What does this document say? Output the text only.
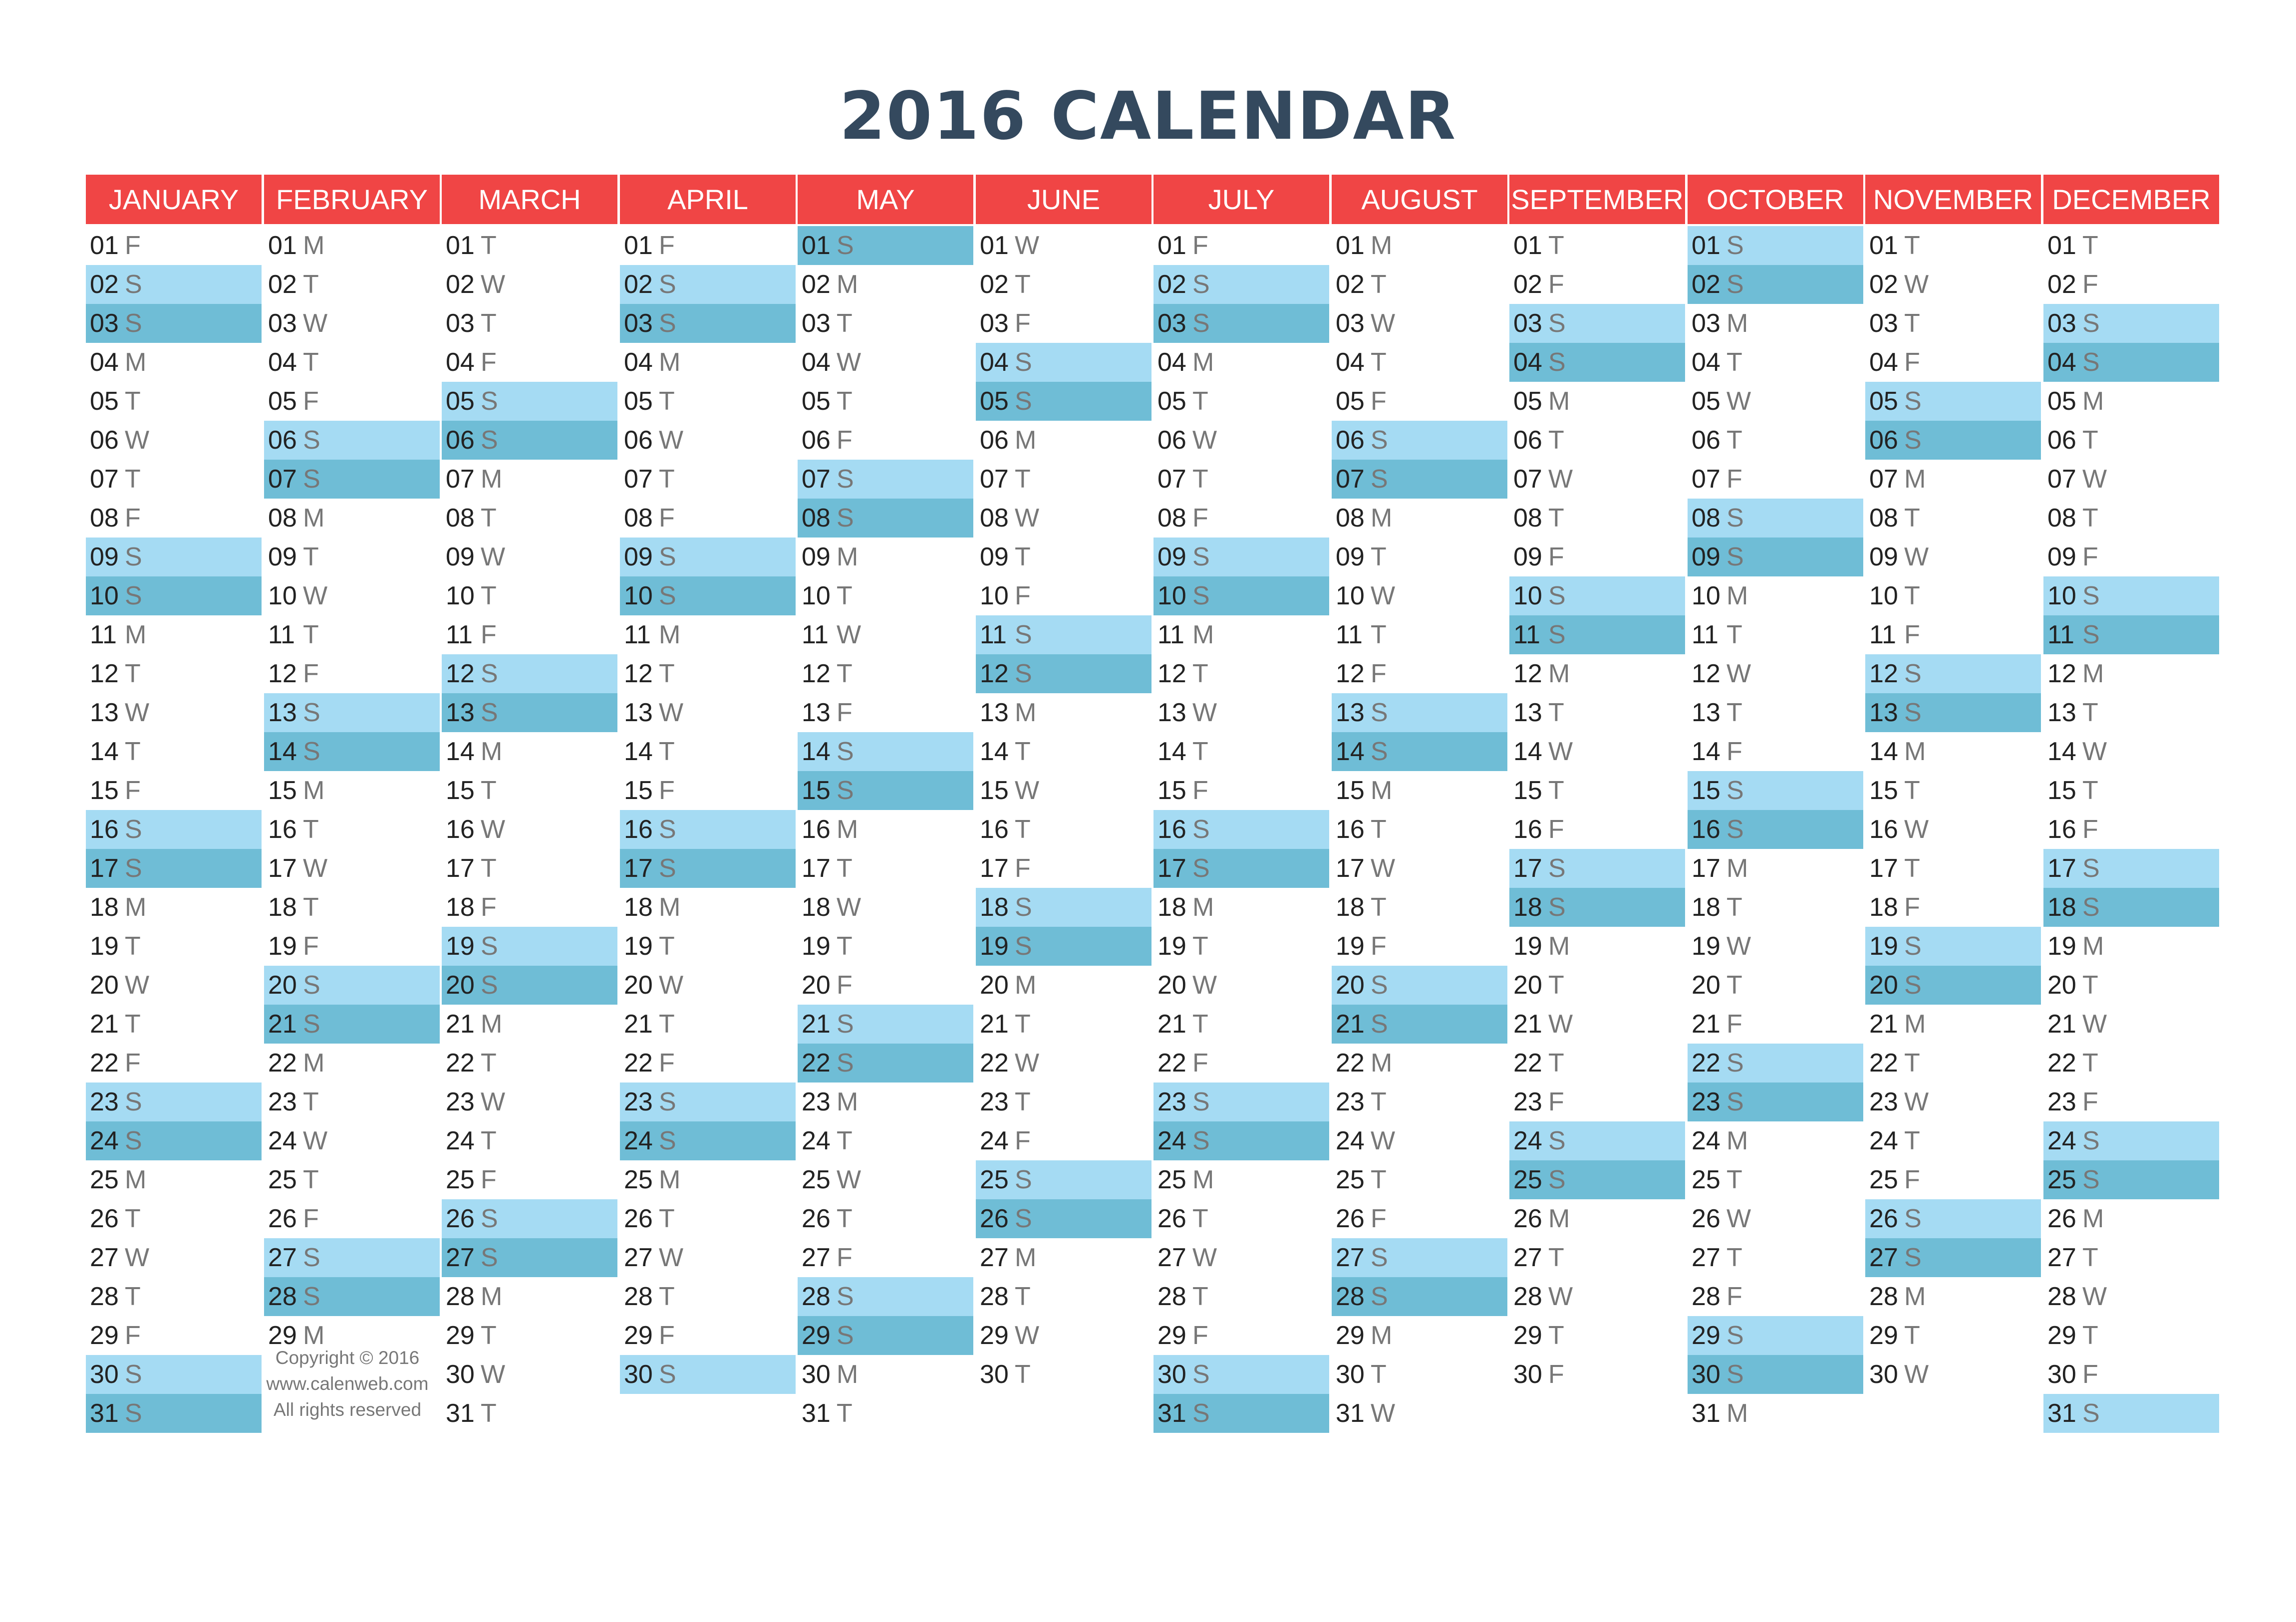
2016 CALENDAR
JANUARY
01 F
02 S
03 S
04 M
05 T
06 W
07 T
08 F
09 S
10 S
11 M
12 T
13 W
14 T
15 F
16 S
17 S
18 M
19 T
20 W
21 T
22 F
23 S
24 S
25 M
26 T
27 W
28 T
29 F
30 S
31 S
FEBRUARY
01 M
02 T
03 W
04 T
05 F
06 S
07 S
08 M
09 T
10 W
11 T
12 F
13 S
14 S
15 M
16 T
17 W
18 T
19 F
20 S
21 S
22 M
23 T
24 W
25 T
26 F
27 S
28 S
29 M
MARCH
01 T
02 W
03 T
04 F
05 S
06 S
07 M
08 T
09 W
10 T
11 F
12 S
13 S
14 M
15 T
16 W
17 T
18 F
19 S
20 S
21 M
22 T
23 W
24 T
25 F
26 S
27 S
28 M
29 T
30 W
31 T
APRIL
01 F
02 S
03 S
04 M
05 T
06 W
07 T
08 F
09 S
10 S
11 M
12 T
13 W
14 T
15 F
16 S
17 S
18 M
19 T
20 W
21 T
22 F
23 S
24 S
25 M
26 T
27 W
28 T
29 F
30 S
MAY
01 S
02 M
03 T
04 W
05 T
06 F
07 S
08 S
09 M
10 T
11 W
12 T
13 F
14 S
15 S
16 M
17 T
18 W
19 T
20 F
21 S
22 S
23 M
24 T
25 W
26 T
27 F
28 S
29 S
30 M
31 T
JUNE
01 W
02 T
03 F
04 S
05 S
06 M
07 T
08 W
09 T
10 F
11 S
12 S
13 M
14 T
15 W
16 T
17 F
18 S
19 S
20 M
21 T
22 W
23 T
24 F
25 S
26 S
27 M
28 T
29 W
30 T
JULY
01 F
02 S
03 S
04 M
05 T
06 W
07 T
08 F
09 S
10 S
11 M
12 T
13 W
14 T
15 F
16 S
17 S
18 M
19 T
20 W
21 T
22 F
23 S
24 S
25 M
26 T
27 W
28 T
29 F
30 S
31 S
AUGUST
01 M
02 T
03 W
04 T
05 F
06 S
07 S
08 M
09 T
10 W
11 T
12 F
13 S
14 S
15 M
16 T
17 W
18 T
19 F
20 S
21 S
22 M
23 T
24 W
25 T
26 F
27 S
28 S
29 M
30 T
31 W
SEPTEMBER
01 T
02 F
03 S
04 S
05 M
06 T
07 W
08 T
09 F
10 S
11 S
12 M
13 T
14 W
15 T
16 F
17 S
18 S
19 M
20 T
21 W
22 T
23 F
24 S
25 S
26 M
27 T
28 W
29 T
30 F
OCTOBER
01 S
02 S
03 M
04 T
05 W
06 T
07 F
08 S
09 S
10 M
11 T
12 W
13 T
14 F
15 S
16 S
17 M
18 T
19 W
20 T
21 F
22 S
23 S
24 M
25 T
26 W
27 T
28 F
29 S
30 S
31 M
NOVEMBER
01 T
02 W
03 T
04 F
05 S
06 S
07 M
08 T
09 W
10 T
11 F
12 S
13 S
14 M
15 T
16 W
17 T
18 F
19 S
20 S
21 M
22 T
23 W
24 T
25 F
26 S
27 S
28 M
29 T
30 W
DECEMBER
01 T
02 F
03 S
04 S
05 M
06 T
07 W
08 T
09 F
10 S
11 S
12 M
13 T
14 W
15 T
16 F
17 S
18 S
19 M
20 T
21 W
22 T
23 F
24 S
25 S
26 M
27 T
28 W
29 T
30 F
31 S
Copyright © 2016
www.calenweb.com
All rights reserved
